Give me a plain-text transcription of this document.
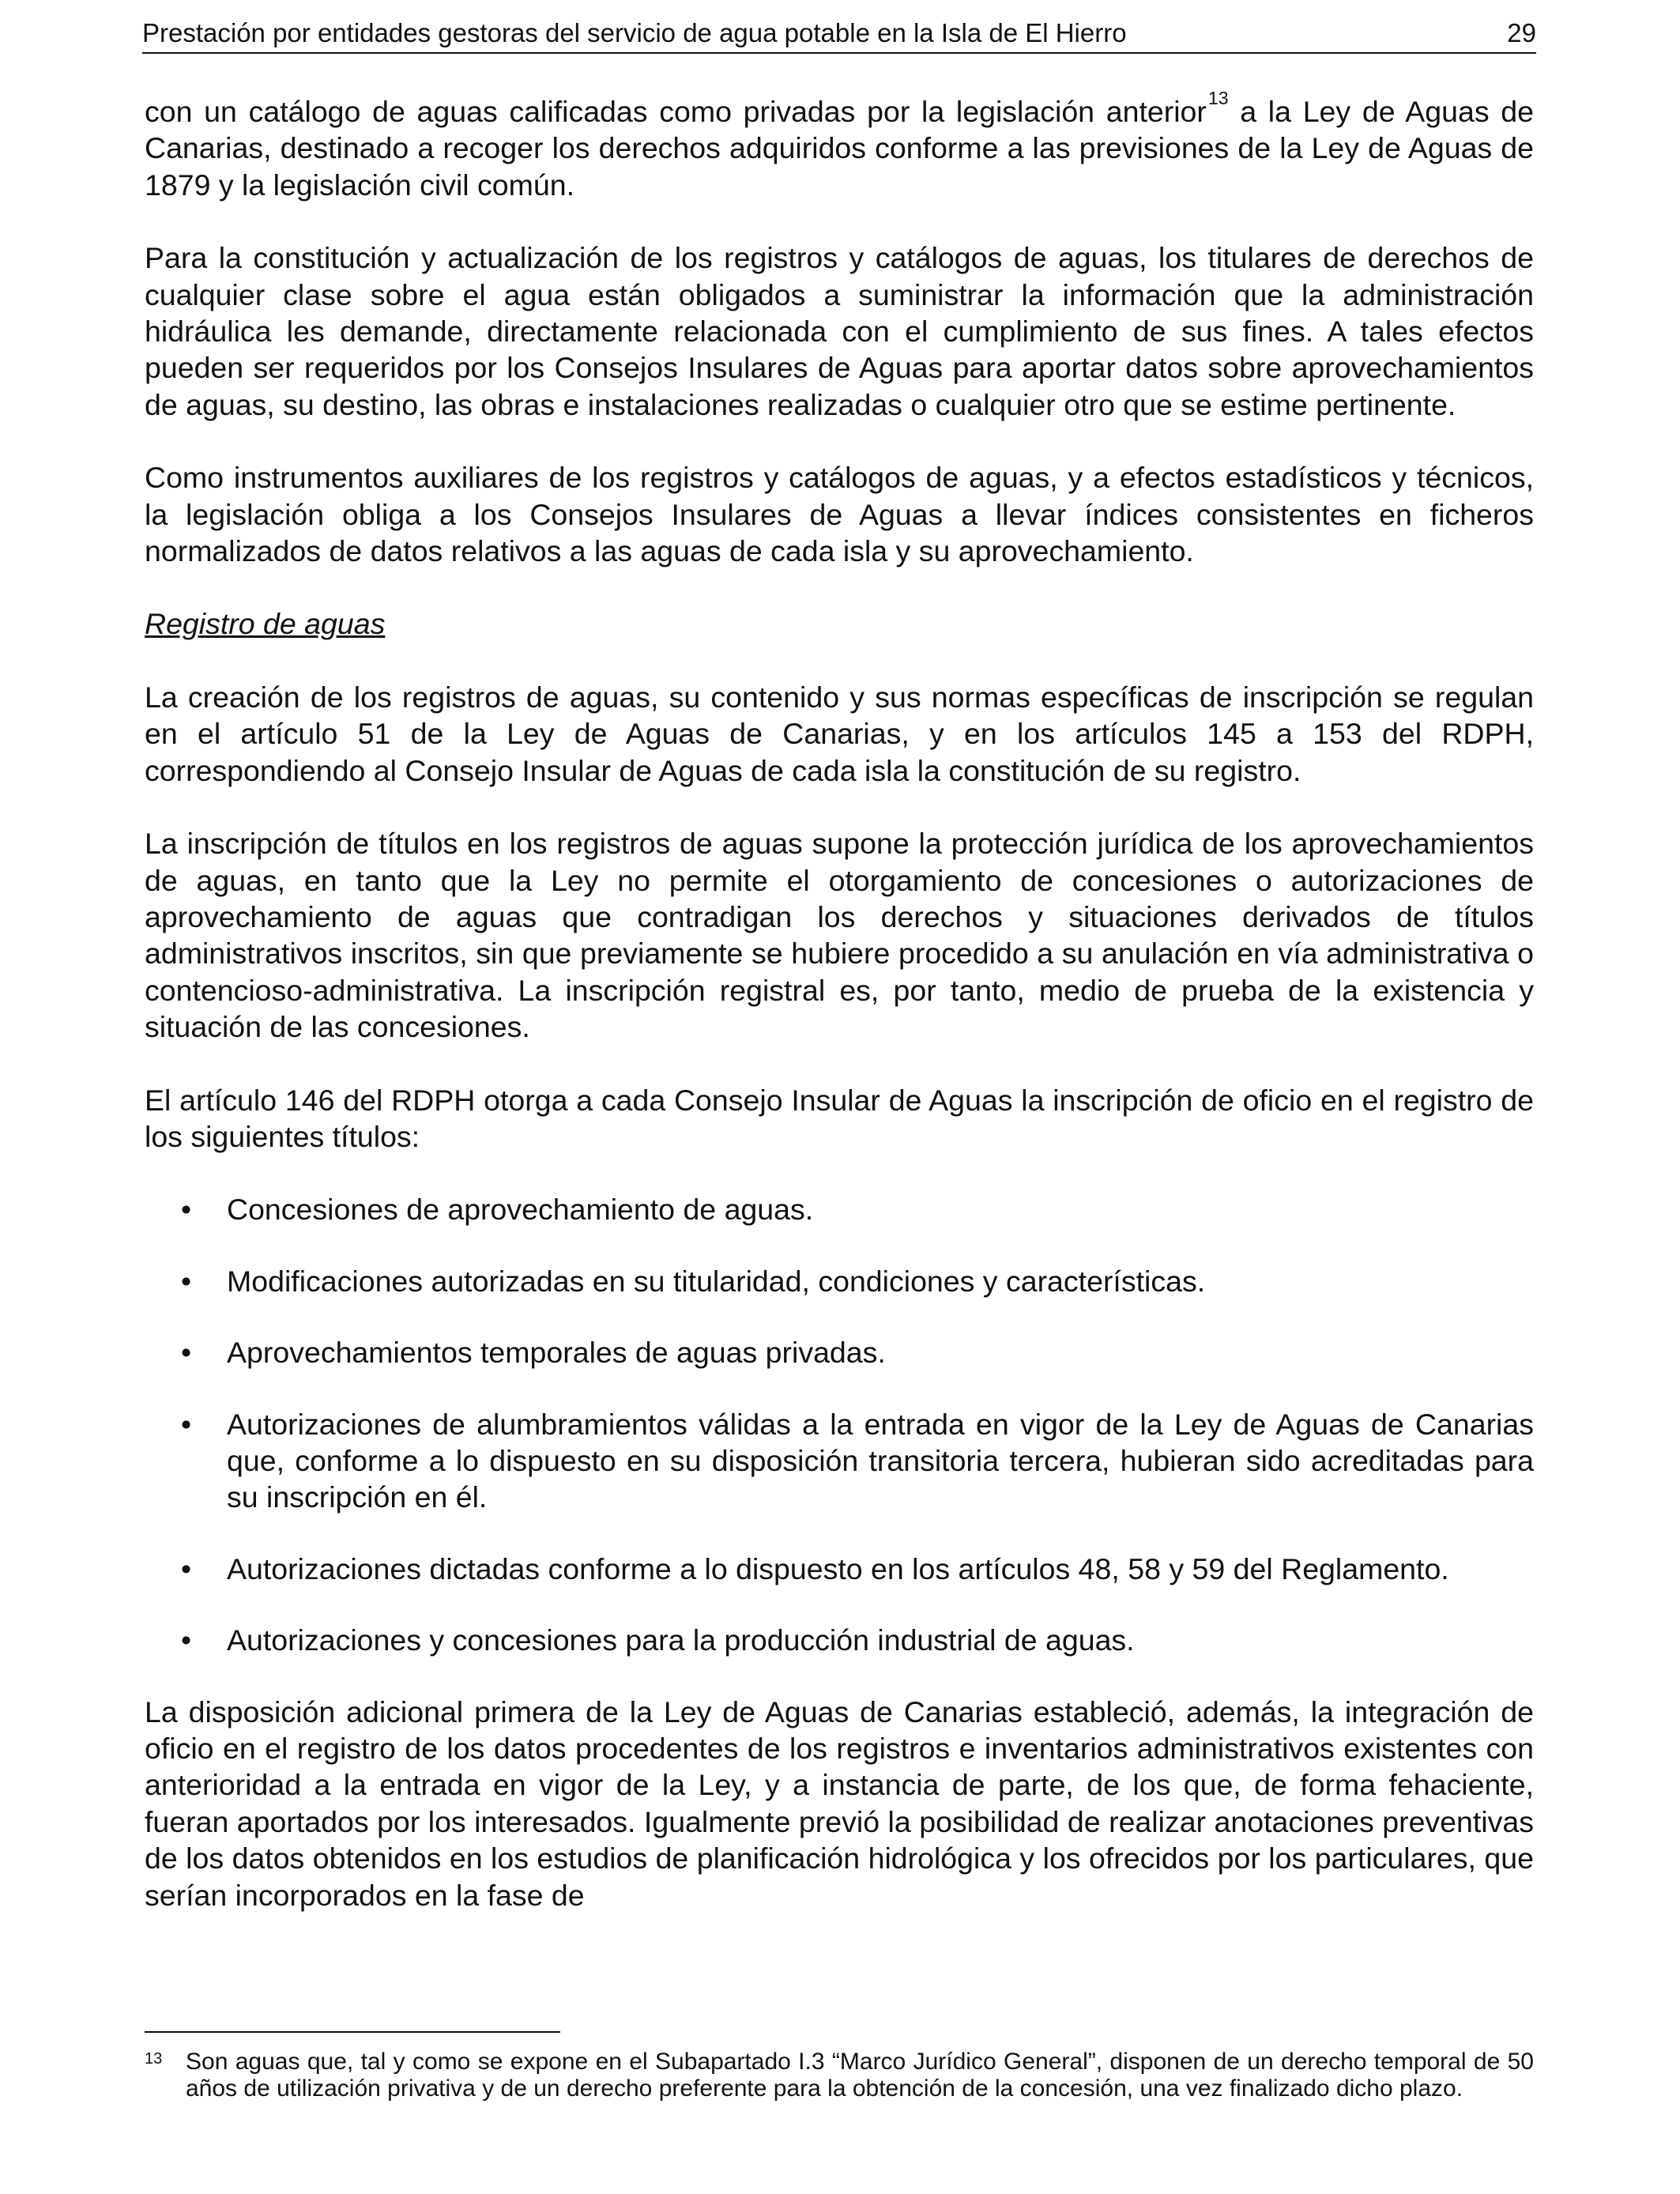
Prestación por entidades gestoras del servicio de agua potable en la Isla de El Hierro	29

con un catálogo de aguas calificadas como privadas por la legislación anterior$^{13}$ a la Ley de Aguas de Canarias, destinado a recoger los derechos adquiridos conforme a las previsiones de la Ley de Aguas de 1879 y la legislación civil común.

Para la constitución y actualización de los registros y catálogos de aguas, los titulares de derechos de cualquier clase sobre el agua están obligados a suministrar la información que la administración hidráulica les demande, directamente relacionada con el cumplimiento de sus fines. A tales efectos pueden ser requeridos por los Consejos Insulares de Aguas para aportar datos sobre aprovechamientos de aguas, su destino, las obras e instalaciones realizadas o cualquier otro que se estime pertinente.

Como instrumentos auxiliares de los registros y catálogos de aguas, y a efectos estadísticos y técnicos, la legislación obliga a los Consejos Insulares de Aguas a llevar índices consistentes en ficheros normalizados de datos relativos a las aguas de cada isla y su aprovechamiento.

Registro de aguas

La creación de los registros de aguas, su contenido y sus normas específicas de inscripción se regulan en el artículo 51 de la Ley de Aguas de Canarias, y en los artículos 145 a 153 del RDPH, correspondiendo al Consejo Insular de Aguas de cada isla la constitución de su registro.

La inscripción de títulos en los registros de aguas supone la protección jurídica de los aprovechamientos de aguas, en tanto que la Ley no permite el otorgamiento de concesiones o autorizaciones de aprovechamiento de aguas que contradigan los derechos y situaciones derivados de títulos administrativos inscritos, sin que previamente se hubiere procedido a su anulación en vía administrativa o contencioso-administrativa. La inscripción registral es, por tanto, medio de prueba de la existencia y situación de las concesiones.

El artículo 146 del RDPH otorga a cada Consejo Insular de Aguas la inscripción de oficio en el registro de los siguientes títulos:

• Concesiones de aprovechamiento de aguas.
• Modificaciones autorizadas en su titularidad, condiciones y características.
• Aprovechamientos temporales de aguas privadas.
• Autorizaciones de alumbramientos válidas a la entrada en vigor de la Ley de Aguas de Canarias que, conforme a lo dispuesto en su disposición transitoria tercera, hubieran sido acreditadas para su inscripción en él.
• Autorizaciones dictadas conforme a lo dispuesto en los artículos 48, 58 y 59 del Reglamento.
• Autorizaciones y concesiones para la producción industrial de aguas.

La disposición adicional primera de la Ley de Aguas de Canarias estableció, además, la integración de oficio en el registro de los datos procedentes de los registros e inventarios administrativos existentes con anterioridad a la entrada en vigor de la Ley, y a instancia de parte, de los que, de forma fehaciente, fueran aportados por los interesados. Igualmente previó la posibilidad de realizar anotaciones preventivas de los datos obtenidos en los estudios de planificación hidrológica y los ofrecidos por los particulares, que serían incorporados en la fase de

13 Son aguas que, tal y como se expone en el Subapartado I.3 “Marco Jurídico General”, disponen de un derecho temporal de 50 años de utilización privativa y de un derecho preferente para la obtención de la concesión, una vez finalizado dicho plazo.
